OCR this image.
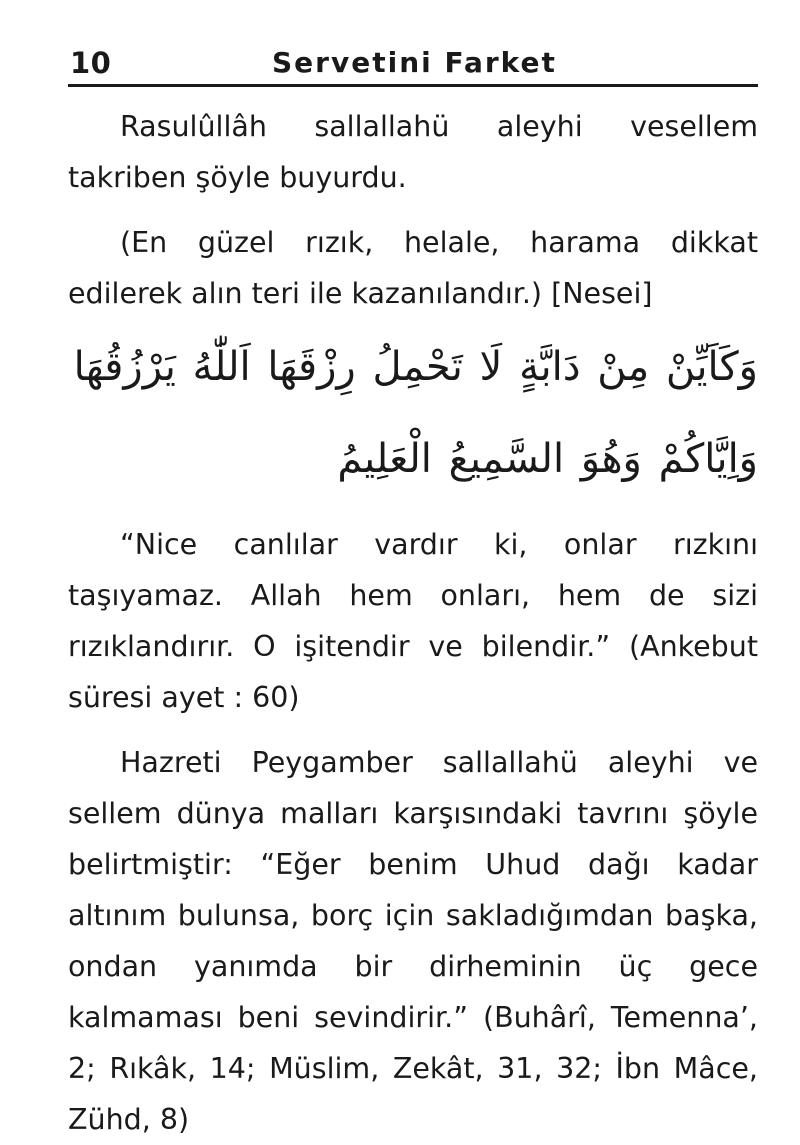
10	Servetini Farket

Rasulûllâh sallallahü aleyhi vesellem takriben şöyle buyurdu.

(En güzel rızık, helale, harama dikkat edilerek alın teri ile kazanılandır.) [Nesei]

وَكَاَيِّنْ مِنْ دَابَّةٍ لَا تَحْمِلُ رِزْقَهَا اَللّٰهُ يَرْزُقُهَا
وَاِيَّاكُمْ وَهُوَ السَّمِيعُ الْعَلِيمُ

“Nice canlılar vardır ki, onlar rızkını taşıyamaz. Allah hem onları, hem de sizi rızıklandırır. O işitendir ve bilendir.” (Ankebut süresi ayet : 60)

Hazreti Peygamber sallallahü aleyhi ve sellem dünya malları karşısındaki tavrını şöyle belirtmiştir: “Eğer benim Uhud dağı kadar altınım bulunsa, borç için sakladığımdan başka, ondan yanımda bir dirheminin üç gece kalmaması beni sevindirir.” (Buhârî, Temenna’, 2; Rıkâk, 14; Müslim, Zekât, 31, 32; İbn Mâce, Zühd, 8)
